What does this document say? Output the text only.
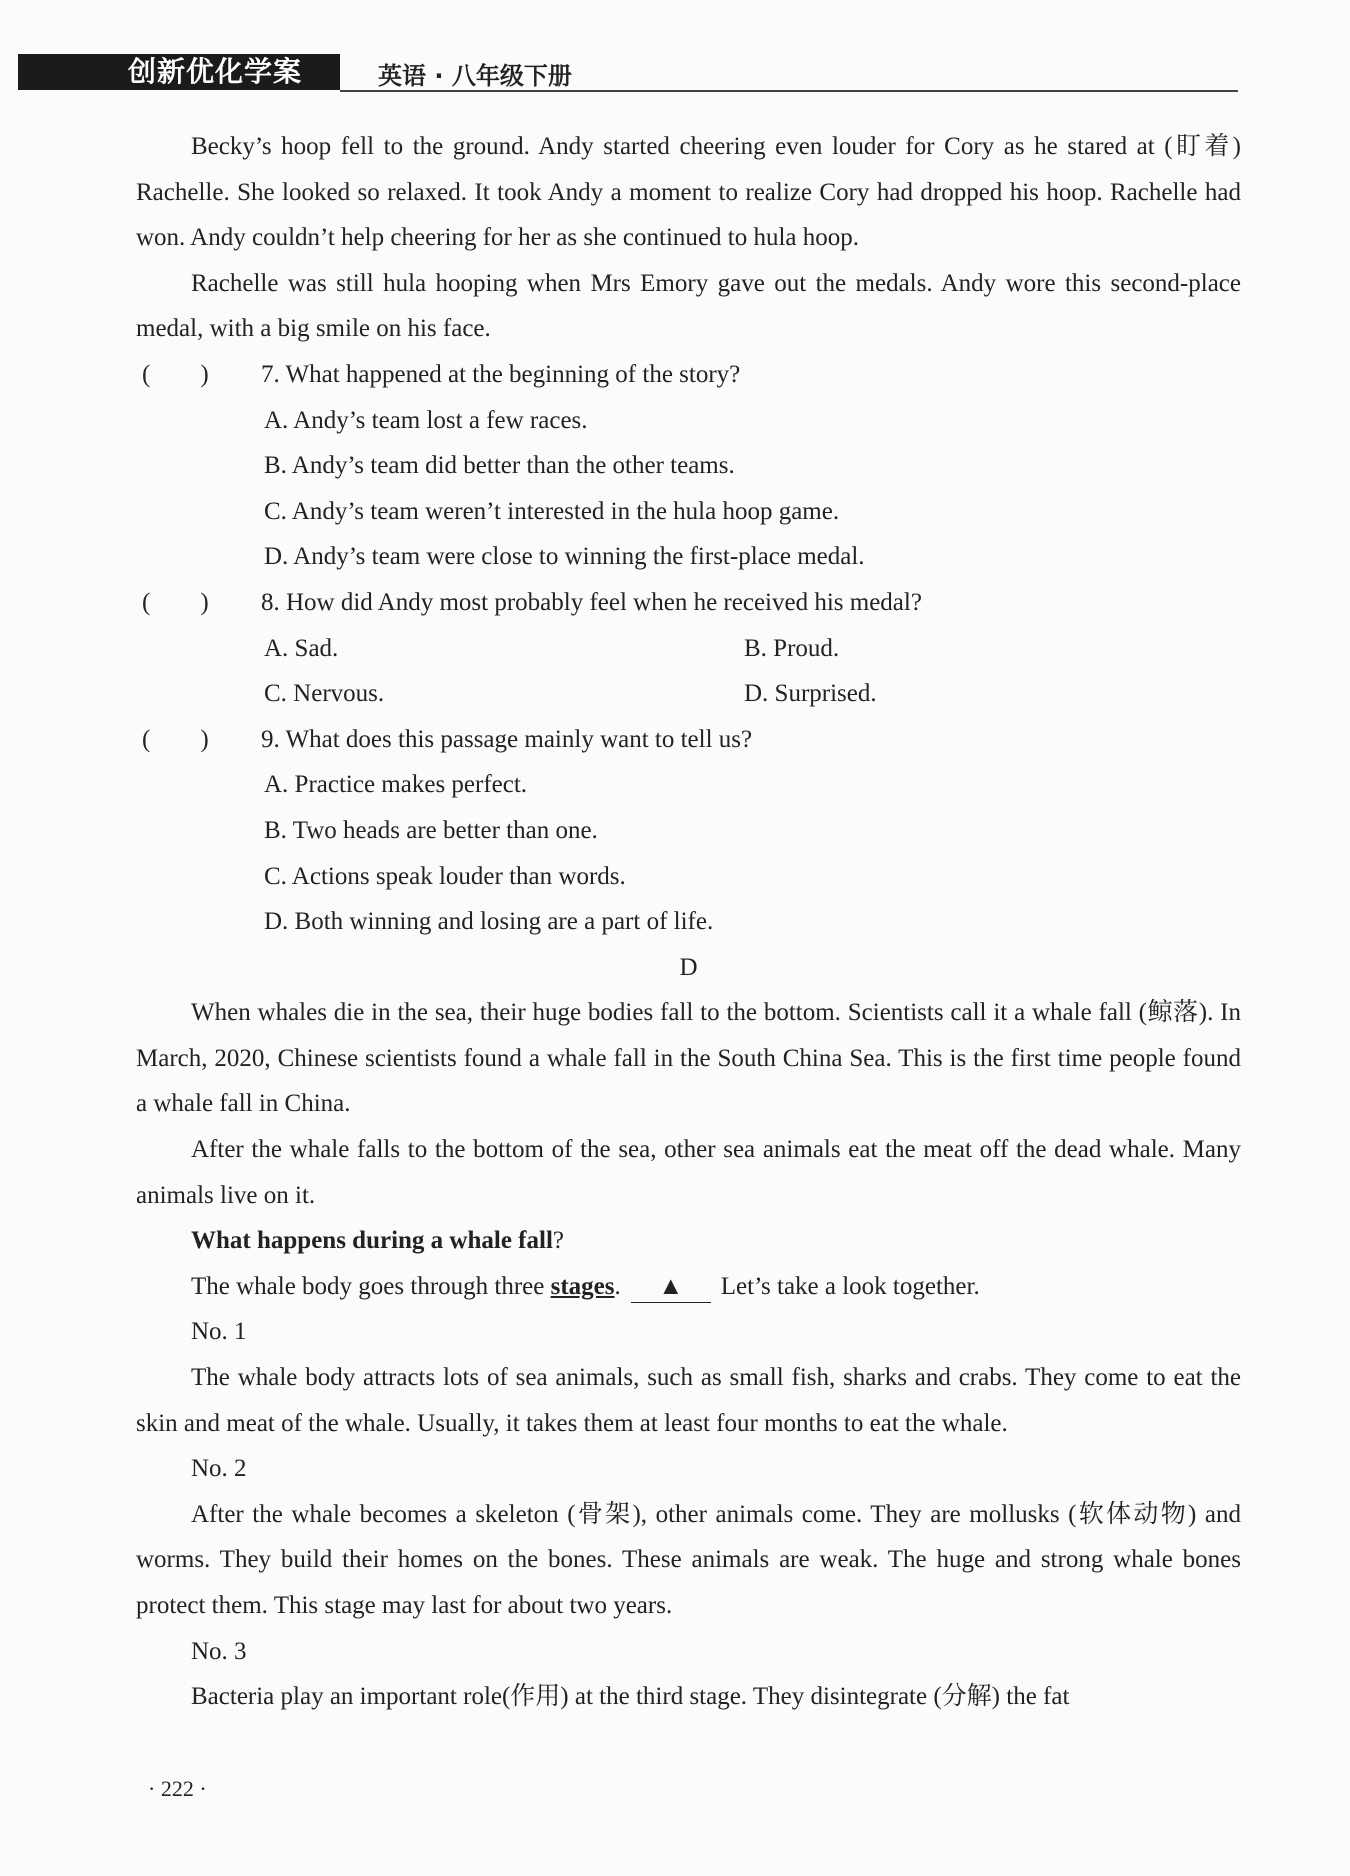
创新优化学案	英语 · 八年级下册
Becky’s hoop fell to the ground. Andy started cheering even louder for Cory as he stared at (盯着) Rachelle. She looked so relaxed. It took Andy a moment to realize Cory had dropped his hoop. Rachelle had won. Andy couldn’t help cheering for her as she continued to hula hoop.
Rachelle was still hula hooping when Mrs Emory gave out the medals. Andy wore this second-place medal, with a big smile on his face.
(　　) 7. What happened at the beginning of the story?
A. Andy’s team lost a few races.
B. Andy’s team did better than the other teams.
C. Andy’s team weren’t interested in the hula hoop game.
D. Andy’s team were close to winning the first-place medal.
(　　) 8. How did Andy most probably feel when he received his medal?
A. Sad.	B. Proud.
C. Nervous.	D. Surprised.
(　　) 9. What does this passage mainly want to tell us?
A. Practice makes perfect.
B. Two heads are better than one.
C. Actions speak louder than words.
D. Both winning and losing are a part of life.
D
When whales die in the sea, their huge bodies fall to the bottom. Scientists call it a whale fall (鲸落). In March, 2020, Chinese scientists found a whale fall in the South China Sea. This is the first time people found a whale fall in China.
After the whale falls to the bottom of the sea, other sea animals eat the meat off the dead whale. Many animals live on it.
What happens during a whale fall?
The whale body goes through three stages. ▲ Let’s take a look together.
No. 1
The whale body attracts lots of sea animals, such as small fish, sharks and crabs. They come to eat the skin and meat of the whale. Usually, it takes them at least four months to eat the whale.
No. 2
After the whale becomes a skeleton (骨架), other animals come. They are mollusks (软体动物) and worms. They build their homes on the bones. These animals are weak. The huge and strong whale bones protect them. This stage may last for about two years.
No. 3
Bacteria play an important role(作用) at the third stage. They disintegrate (分解) the fat
· 222 ·
